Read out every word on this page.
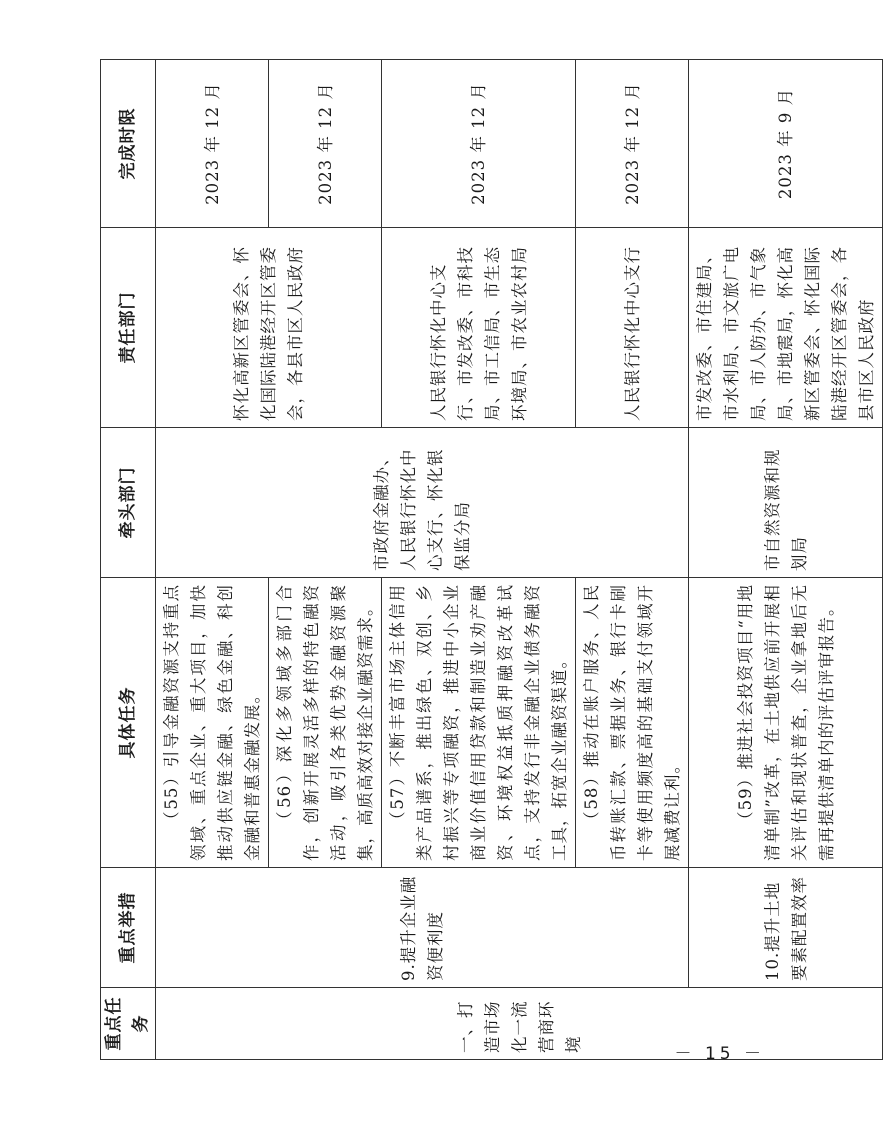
重点任务	重点举措	具体任务	牵头部门	责任部门	完成时限
一、打造市场化一流营商环境	9.提升企业融资便利度	（55）引导金融资源支持重点领域、重点企业、重大项目，加快推动供应链金融、绿色金融、科创金融和普惠金融发展。	市政府金融办、人民银行怀化中心支行、怀化银保监分局	怀化高新区管委会、怀化国际陆港经开区管委会，各县市区人民政府	2023 年 12 月

		（56）深化多领域多部门合作，创新开展灵活多样的特色融资活动，吸引各类优势金融资源聚集，高质高效对接企业融资需求。			2023 年 12 月

		（57）不断丰富市场主体信用类产品谱系，推出绿色、双创、乡村振兴等专项融资，推进中小企业商业价值信用贷款和制造业劝产融资、环境权益抵质押融资改革试点，支持发行非金融企业债务融资工具，拓宽企业融资渠道。		人民银行怀化中心支行、市发改委、市科技局、市工信局、市生态环境局、市农业农村局	2023 年 12 月

		（58）推动在账户服务、人民币转账汇款、票据业务、银行卡刷卡等使用频度高的基础支付领域开展减费让利。		人民银行怀化中心支行	2023 年 12 月
	10.提升土地要素配置效率	（59）推进社会投资项目“用地清单制”改革，在土地供应前开展相关评估和现状普查，企业拿地后无需再提供清单内的评估评审报告。	市自然资源和规划局	市发改委、市住建局、市水利局、市文旅广电局、市人防办、市气象局、市地震局，怀化高新区管委会、怀化国际陆港经开区管委会，各县市区人民政府	2023 年 9 月
－ 15 －
